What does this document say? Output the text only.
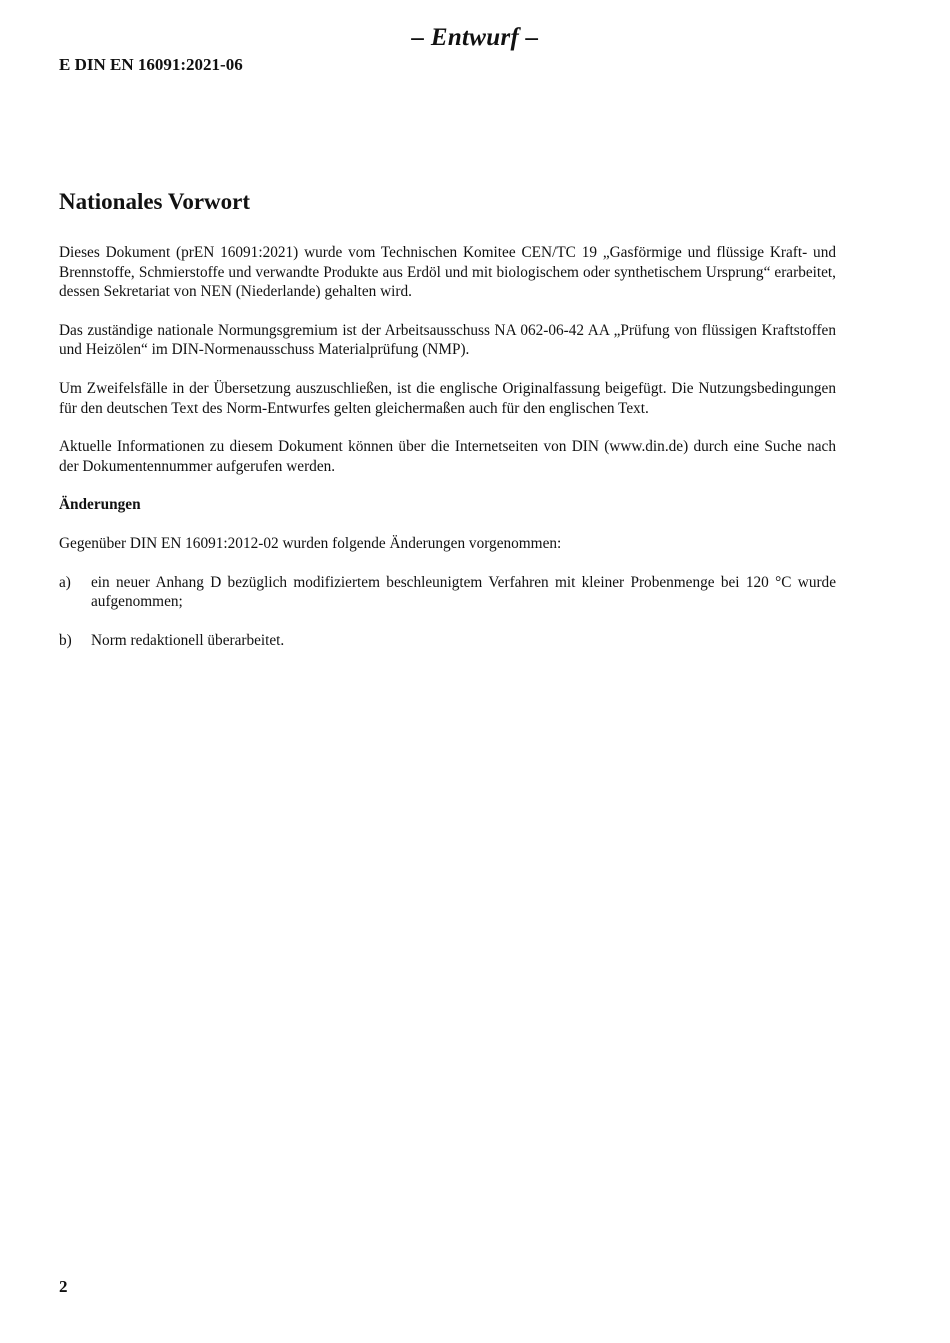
– Entwurf –
E DIN EN 16091:2021-06
Nationales Vorwort

Dieses Dokument (prEN 16091:2021) wurde vom Technischen Komitee CEN/TC 19 „Gasförmige und flüssige Kraft- und Brennstoffe, Schmierstoffe und verwandte Produkte aus Erdöl und mit biologischem oder synthetischem Ursprung“ erarbeitet, dessen Sekretariat von NEN (Niederlande) gehalten wird.

Das zuständige nationale Normungsgremium ist der Arbeitsausschuss NA 062-06-42 AA „Prüfung von flüssigen Kraftstoffen und Heizölen“ im DIN-Normenausschuss Materialprüfung (NMP).

Um Zweifelsfälle in der Übersetzung auszuschließen, ist die englische Originalfassung beigefügt. Die Nutzungsbedingungen für den deutschen Text des Norm-Entwurfes gelten gleichermaßen auch für den englischen Text.

Aktuelle Informationen zu diesem Dokument können über die Internetseiten von DIN (www.din.de) durch eine Suche nach der Dokumentennummer aufgerufen werden.

Änderungen

Gegenüber DIN EN 16091:2012-02 wurden folgende Änderungen vorgenommen:

a)	ein neuer Anhang D bezüglich modifiziertem beschleunigtem Verfahren mit kleiner Probenmenge bei 120 °C wurde aufgenommen;
b)	Norm redaktionell überarbeitet.
2
